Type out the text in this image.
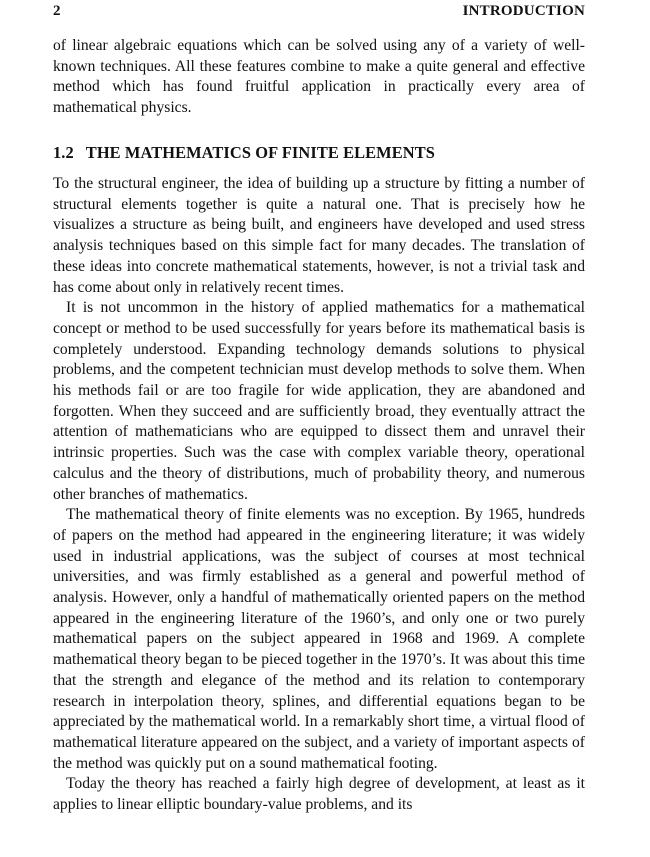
2	INTRODUCTION

of linear algebraic equations which can be solved using any of a variety of well-known techniques. All these features combine to make a quite general and effective method which has found fruitful application in practically every area of mathematical physics.

1.2 THE MATHEMATICS OF FINITE ELEMENTS

To the structural engineer, the idea of building up a structure by fitting a number of structural elements together is quite a natural one. That is precisely how he visualizes a structure as being built, and engineers have developed and used stress analysis techniques based on this simple fact for many decades. The translation of these ideas into concrete mathematical statements, however, is not a trivial task and has come about only in relatively recent times.

It is not uncommon in the history of applied mathematics for a mathematical concept or method to be used successfully for years before its mathematical basis is completely understood. Expanding technology demands solutions to physical problems, and the competent technician must develop methods to solve them. When his methods fail or are too fragile for wide application, they are abandoned and forgotten. When they succeed and are sufficiently broad, they eventually attract the attention of mathematicians who are equipped to dissect them and unravel their intrinsic properties. Such was the case with complex variable theory, operational calculus and the theory of distributions, much of probability theory, and numerous other branches of mathematics.

The mathematical theory of finite elements was no exception. By 1965, hundreds of papers on the method had appeared in the engineering literature; it was widely used in industrial applications, was the subject of courses at most technical universities, and was firmly established as a general and powerful method of analysis. However, only a handful of mathematically oriented papers on the method appeared in the engineering literature of the 1960’s, and only one or two purely mathematical papers on the subject appeared in 1968 and 1969. A complete mathematical theory began to be pieced together in the 1970’s. It was about this time that the strength and elegance of the method and its relation to contemporary research in interpolation theory, splines, and differential equations began to be appreciated by the mathematical world. In a remarkably short time, a virtual flood of mathematical literature appeared on the subject, and a variety of important aspects of the method was quickly put on a sound mathematical footing.

Today the theory has reached a fairly high degree of development, at least as it applies to linear elliptic boundary-value problems, and its
